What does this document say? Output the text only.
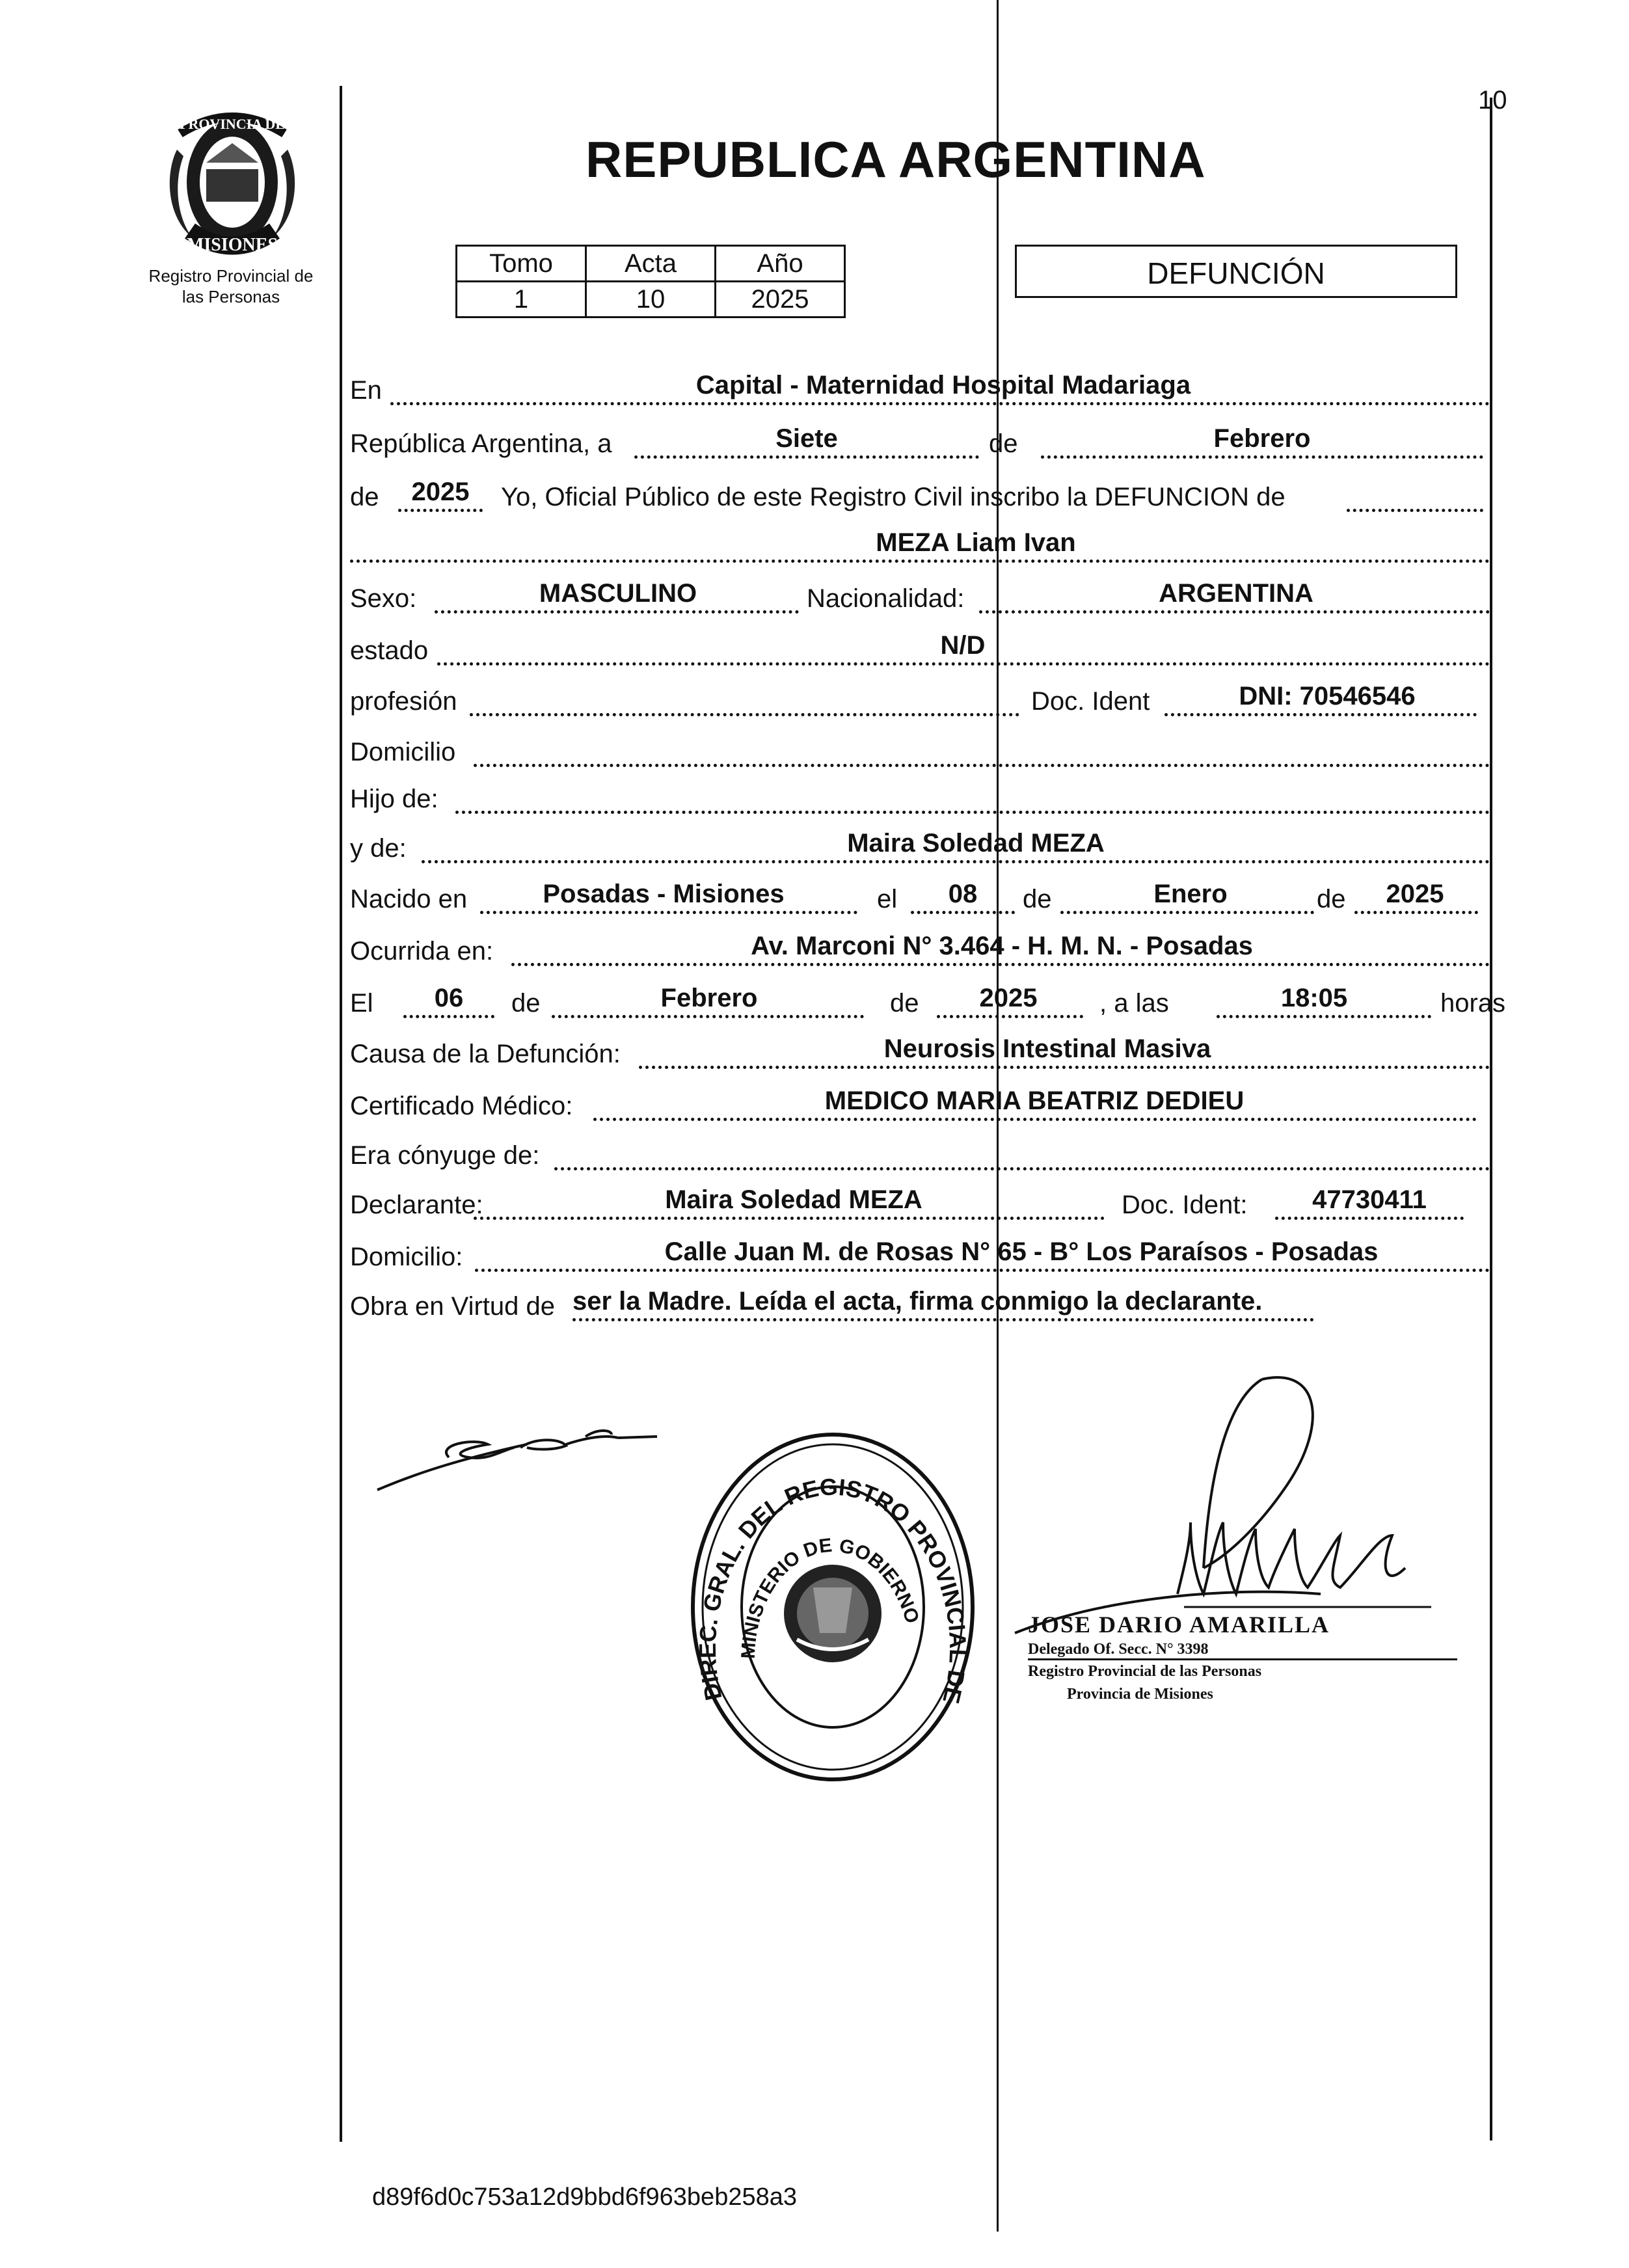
10
PROVINCIA DE
MISIONES
Registro Provincial de
las Personas
REPUBLICA ARGENTINA
Tomo	Acta	Año
1	10	2025
DEFUNCIÓN
En	Capital - Maternidad Hospital Madariaga
República Argentina, a	Siete	de	Febrero
de	2025	Yo, Oficial Público de este Registro Civil inscribo la DEFUNCION de
MEZA Liam Ivan
Sexo:	MASCULINO	Nacionalidad:	ARGENTINA
estado	N/D
profesión	Doc. Ident	DNI: 70546546
Domicilio
Hijo de:
y de:	Maira Soledad MEZA
Nacido en	Posadas - Misiones	el	08	de	Enero	de	2025
Ocurrida en:	Av. Marconi N° 3.464 - H. M. N. - Posadas
El	06	de	Febrero	de	2025	, a las	18:05	horas
Causa de la Defunción:	Neurosis Intestinal Masiva
Certificado Médico:	MEDICO MARIA BEATRIZ DEDIEU
Era cónyuge de:
Declarante:	Maira Soledad MEZA	Doc. Ident:	47730411
Domicilio:	Calle Juan M. de Rosas N° 65 - B° Los Paraísos - Posadas
Obra en Virtud de ser la Madre. Leída el acta, firma conmigo la declarante.
DIREC. GRAL. DEL REGISTRO PROVINCIAL DE LAS PERSONAS
MINISTERIO DE GOBIERNO	JOSE DARIO AMARILLA
Delegado Of. Secc. N° 3398
Registro Provincial de las Personas
Provincia de Misiones
d89f6d0c753a12d9bbd6f963beb258a3
